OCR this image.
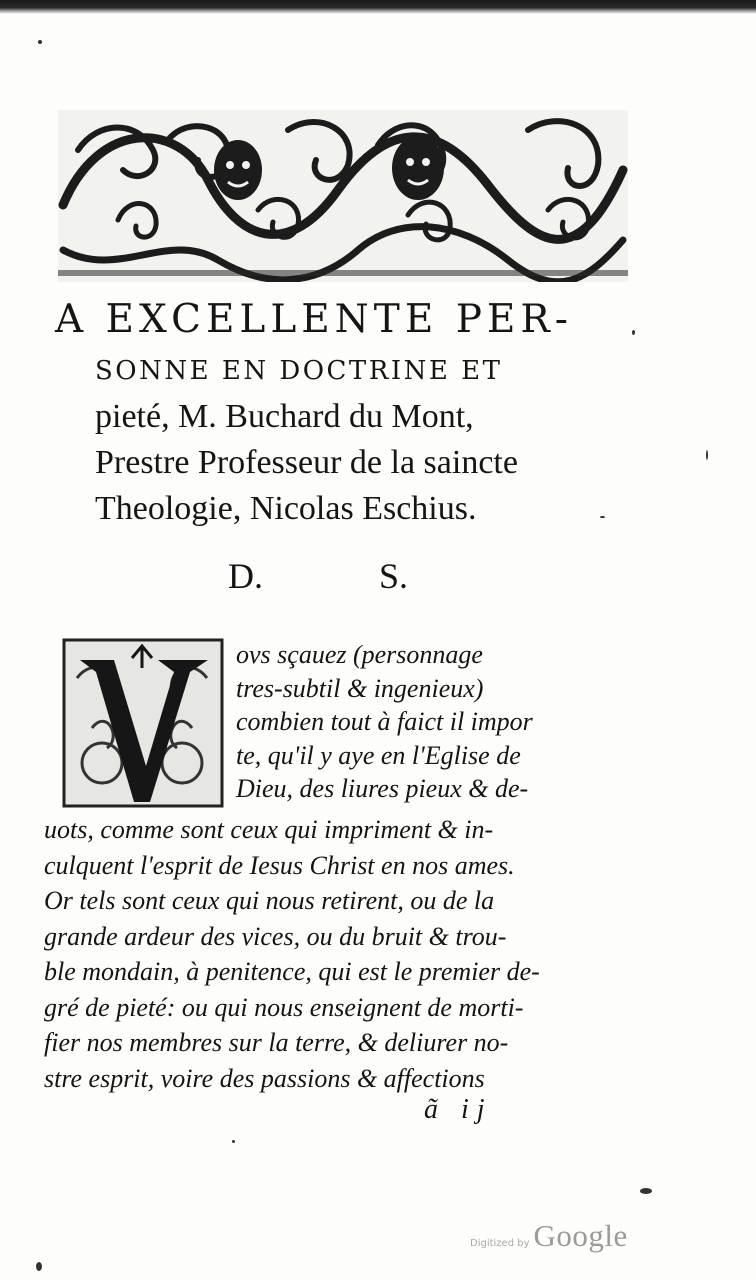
A EXCELLENTE PER-
SONNE EN DOCTRINE ET
pieté, M. Buchard du Mont,
Prestre Professeur de la saincte
Theologie, Nicolas Eschius.
D.	S.
ovs sçauez (personnage
tres-subtil & ingenieux)
combien tout à faict il impor
te, qu'il y aye en l'Eglise de
Dieu, des liures pieux & de-
uots, comme sont ceux qui impriment & in-
culquent l'esprit de Iesus Christ en nos ames.
Or tels sont ceux qui nous retirent, ou de la
grande ardeur des vices, ou du bruit & trou-
ble mondain, à penitence, qui est le premier de-
gré de pieté: ou qui nous enseignent de morti-
fier nos membres sur la terre, & deliurer no-
stre esprit, voire des passions & affections
ã ij
Digitized by Google
